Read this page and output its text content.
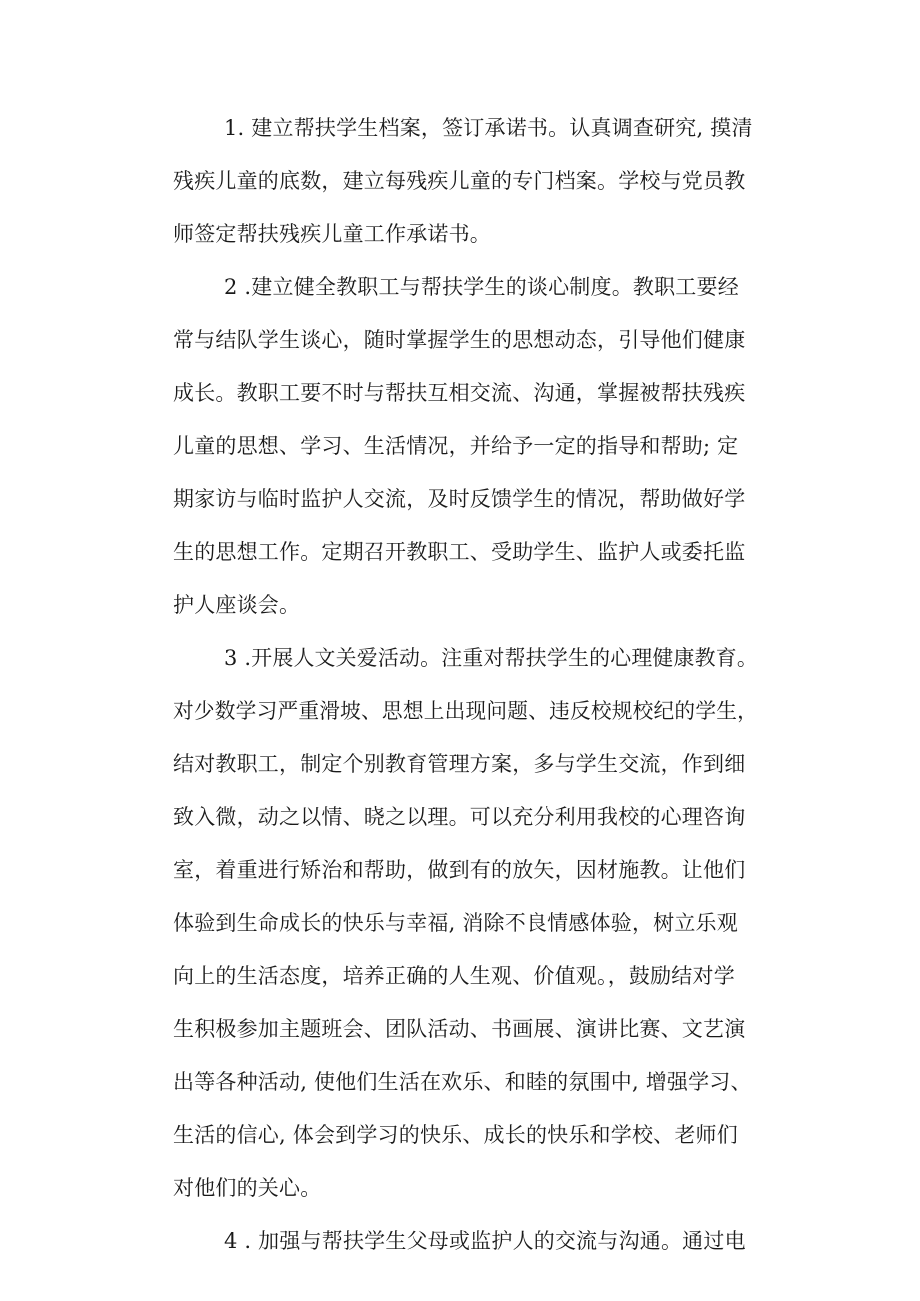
1. 建立帮扶学生档案，签订承诺书。认真调查研究, 摸清
残疾儿童的底数，建立每残疾儿童的专门档案。学校与党员教
师签定帮扶残疾儿童工作承诺书。
2 .建立健全教职工与帮扶学生的谈心制度。教职工要经
常与结队学生谈心，随时掌握学生的思想动态，引导他们健康
成长。教职工要不时与帮扶互相交流、沟通，掌握被帮扶残疾
儿童的思想、学习、生活情况，并给予一定的指导和帮助; 定
期家访与临时监护人交流，及时反馈学生的情况，帮助做好学
生的思想工作。定期召开教职工、受助学生、监护人或委托监
护人座谈会。
3 .开展人文关爱活动。注重对帮扶学生的心理健康教育。
对少数学习严重滑坡、思想上出现问题、违反校规校纪的学生，
结对教职工，制定个别教育管理方案，多与学生交流，作到细
致入微，动之以情、晓之以理。可以充分利用我校的心理咨询
室，着重进行矫治和帮助，做到有的放矢，因材施教。让他们
体验到生命成长的快乐与幸福, 消除不良情感体验，树立乐观
向上的生活态度，培养正确的人生观、价值观。，鼓励结对学
生积极参加主题班会、团队活动、书画展、演讲比赛、文艺演
出等各种活动, 使他们生活在欢乐、和睦的氛围中, 增强学习、
生活的信心, 体会到学习的快乐、成长的快乐和学校、老师们
对他们的关心。
4 . 加强与帮扶学生父母或监护人的交流与沟通。通过电
